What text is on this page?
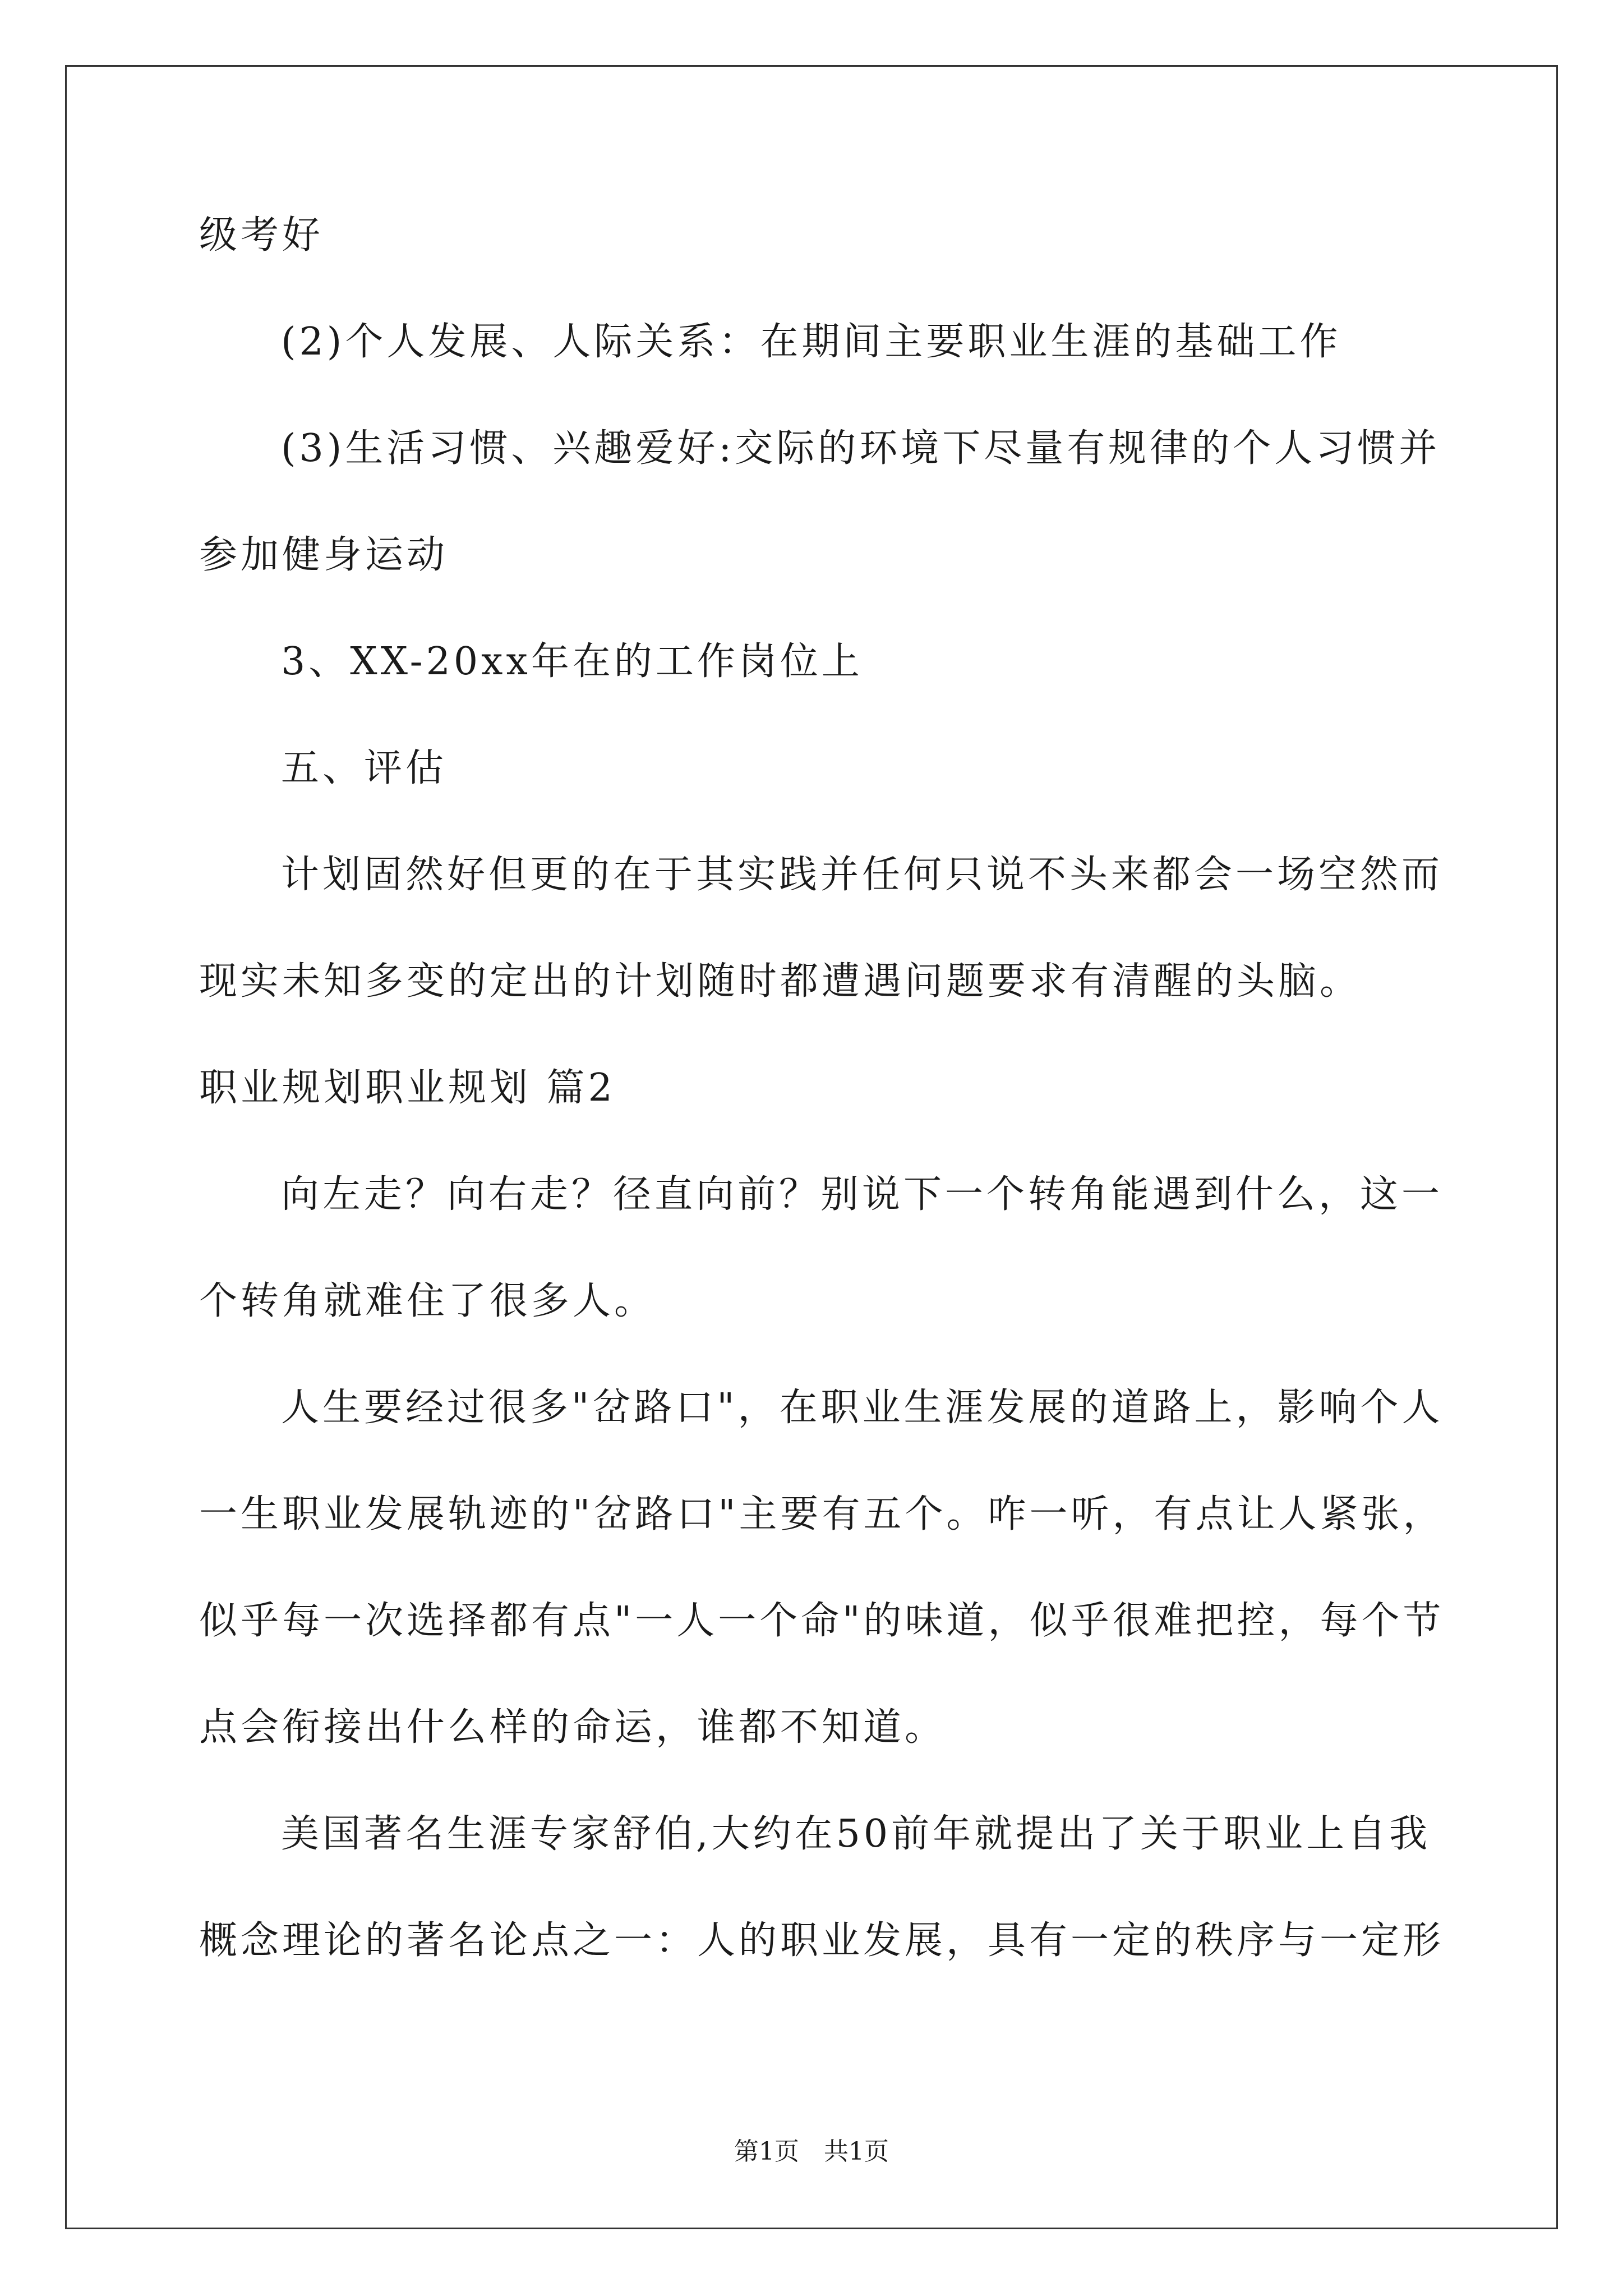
级考好
(2)个人发展、人际关系：在期间主要职业生涯的基础工作
(3)生活习惯、兴趣爱好:交际的环境下尽量有规律的个人习惯并
参加健身运动
3、XX-20xx年在的工作岗位上
五、评估
计划固然好但更的在于其实践并任何只说不头来都会一场空然而
现实未知多变的定出的计划随时都遭遇问题要求有清醒的头脑。
职业规划职业规划 篇2
向左走？向右走？径直向前？别说下一个转角能遇到什么，这一
个转角就难住了很多人。
人生要经过很多"岔路口"，在职业生涯发展的道路上，影响个人
一生职业发展轨迹的"岔路口"主要有五个。咋一听，有点让人紧张，
似乎每一次选择都有点"一人一个命"的味道，似乎很难把控，每个节
点会衔接出什么样的命运，谁都不知道。
美国著名生涯专家舒伯,大约在50前年就提出了关于职业上自我
概念理论的著名论点之一：人的职业发展，具有一定的秩序与一定形
第1页　共1页
